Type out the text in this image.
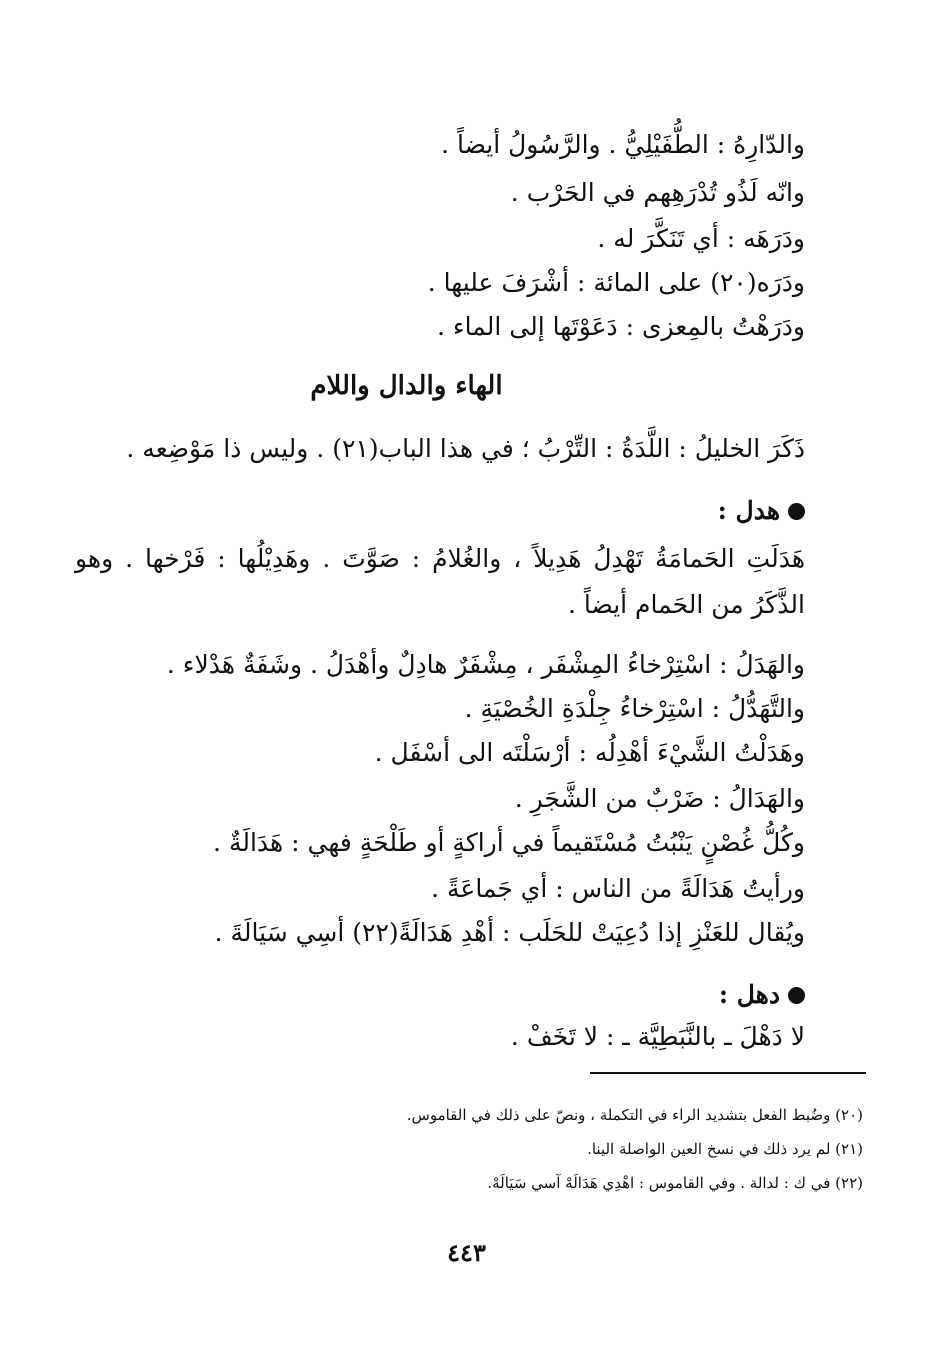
والدّارِهُ : الطُّفَيْلِيُّ . والرَّسُولُ أيضاً .
وانّه لَذُو تُدْرَهِهم في الحَرْب .
ودَرَهَه : أي تَنَكَّرَ له .
ودَرَه(٢٠) على المائة : أشْرَفَ عليها .
ودَرَهْتُ بالمِعزى : دَعَوْتَها إلى الماء .
الهاء والدال واللام
ذَكَرَ الخليلُ : اللَّدَةُ : التِّرْبُ ؛ في هذا الباب(٢١) . وليس ذا مَوْضِعه .
هدل :
هَدَلَتِ الحَمامَةُ تَهْدِلُ هَدِيلاً ، والغُلامُ : صَوَّتَ . وهَدِيْلُها : فَرْخها . وهو الذَّكَرُ من الحَمام أيضاً .
والهَدَلُ : اسْتِرْخاءُ المِشْفَر ، مِشْفَرٌ هادِلٌ وأهْدَلُ . وشَفَةٌ هَدْلاء .
والتَّهَدُّلُ : اسْتِرْخاءُ جِلْدَةِ الخُصْيَةِ .
وهَدَلْتُ الشَّيْءَ أهْدِلُه : أرْسَلْتَه الى أسْفَل .
والهَدَالُ : ضَرْبٌ من الشَّجَرِ .
وكُلُّ غُصْنٍ يَنْبُتُ مُسْتَقيماً في أراكةٍ أو طَلْحَةٍ فهي : هَدَالَةٌ .
ورأيتُ هَدَالَةً من الناس : أي جَماعَةً .
ويُقال للعَنْزِ إذا دُعِيَتْ للحَلَب : أهْدِ هَدَالَةً(٢٢) أسِي سَيَالَةَ .
دهل :
لا دَهْلَ ـ بالنَّبَطِيَّة ـ : لا تَخَفْ .
(٢٠) وضُبط الفعل بتشديد الراء في التكملة ، ونصّ على ذلك في القاموس.
(٢١) لم يرد ذلك في نسخ العين الواصلة الينا.
(٢٢) في ك : لدالة . وفي القاموس : اهْدِي هَدَالَهْ آسي سَيَالَهْ.
٤٤٣
